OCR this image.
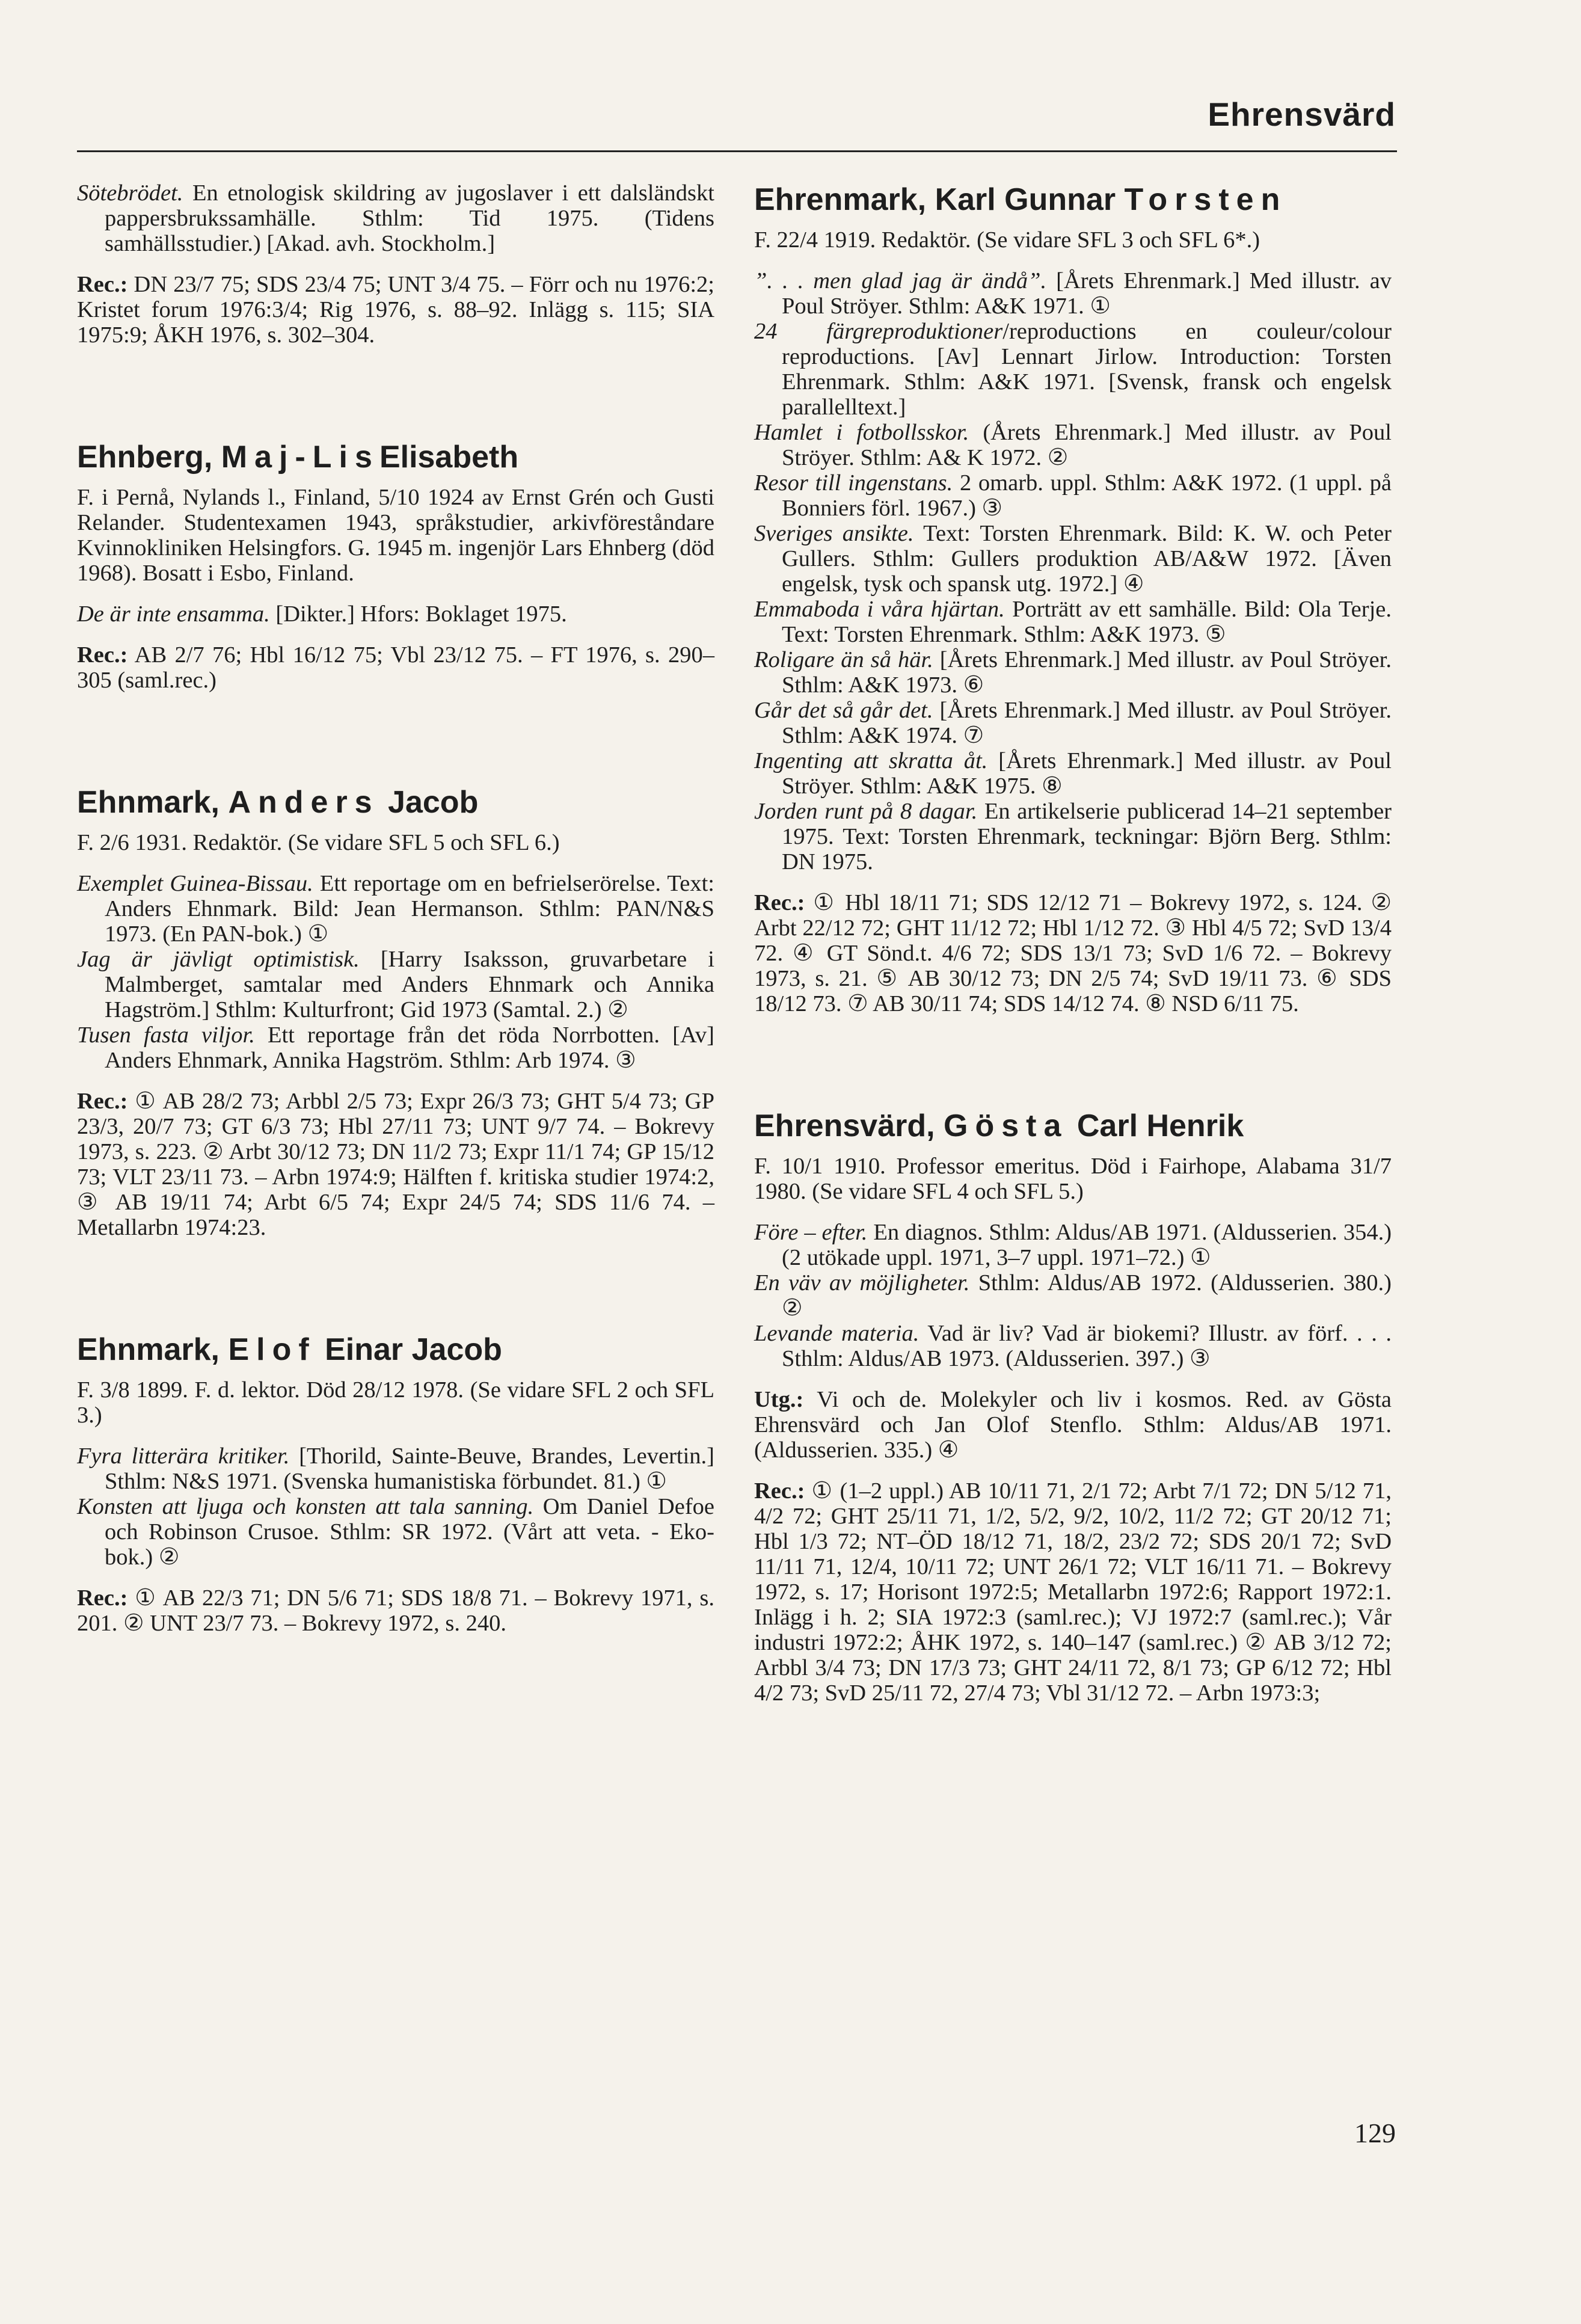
Ehrensvärd

Sötebrödet. En etnologisk skildring av jugoslaver i ett dalsländskt pappersbrukssamhälle. Sthlm: Tid 1975. (Tidens samhällsstudier.) [Akad. avh. Stockholm.]

Rec.: DN 23/7 75; SDS 23/4 75; UNT 3/4 75. – Förr och nu 1976:2; Kristet forum 1976:3/4; Rig 1976, s. 88–92. Inlägg s. 115; SIA 1975:9; ÅKH 1976, s. 302–304.

Ehnberg, Maj-LisElisabeth

F. i Pernå, Nylands l., Finland, 5/10 1924 av Ernst Grén och Gusti Relander. Studentexamen 1943, språkstudier, arkivföreståndare Kvinnokliniken Helsingfors. G. 1945 m. ingenjör Lars Ehnberg (död 1968). Bosatt i Esbo, Finland.

De är inte ensamma. [Dikter.] Hfors: Boklaget 1975.

Rec.: AB 2/7 76; Hbl 16/12 75; Vbl 23/12 75. – FT 1976, s. 290–305 (saml.rec.)

Ehnmark, Anders Jacob

F. 2/6 1931. Redaktör. (Se vidare SFL 5 och SFL 6.)

Exemplet Guinea-Bissau. Ett reportage om en befrielserörelse. Text: Anders Ehnmark. Bild: Jean Hermanson. Sthlm: PAN/N&S 1973. (En PAN-bok.) ①

Jag är jävligt optimistisk. [Harry Isaksson, gruvarbetare i Malmberget, samtalar med Anders Ehnmark och Annika Hagström.] Sthlm: Kulturfront; Gid 1973 (Samtal. 2.) ②

Tusen fasta viljor. Ett reportage från det röda Norrbotten. [Av] Anders Ehnmark, Annika Hagström. Sthlm: Arb 1974. ③

Rec.: ① AB 28/2 73; Arbbl 2/5 73; Expr 26/3 73; GHT 5/4 73; GP 23/3, 20/7 73; GT 6/3 73; Hbl 27/11 73; UNT 9/7 74. – Bokrevy 1973, s. 223. ② Arbt 30/12 73; DN 11/2 73; Expr 11/1 74; GP 15/12 73; VLT 23/11 73. – Arbn 1974:9; Hälften f. kritiska studier 1974:2, ③ AB 19/11 74; Arbt 6/5 74; Expr 24/5 74; SDS 11/6 74. – Metallarbn 1974:23.

Ehnmark, Elof Einar Jacob

F. 3/8 1899. F. d. lektor. Död 28/12 1978. (Se vidare SFL 2 och SFL 3.)

Fyra litterära kritiker. [Thorild, Sainte-Beuve, Brandes, Levertin.] Sthlm: N&S 1971. (Svenska humanistiska förbundet. 81.) ①

Konsten att ljuga och konsten att tala sanning. Om Daniel Defoe och Robinson Crusoe. Sthlm: SR 1972. (Vårt att veta. - Eko-bok.) ②

Rec.: ① AB 22/3 71; DN 5/6 71; SDS 18/8 71. – Bokrevy 1971, s. 201. ② UNT 23/7 73. – Bokrevy 1972, s. 240.

Ehrenmark, Karl Gunnar Torsten

F. 22/4 1919. Redaktör. (Se vidare SFL 3 och SFL 6*.)

”. . . men glad jag är ändå”. [Årets Ehrenmark.] Med illustr. av Poul Ströyer. Sthlm: A&K 1971. ①

24 färgreproduktioner/reproductions en couleur/colour reproductions. [Av] Lennart Jirlow. Introduction: Torsten Ehrenmark. Sthlm: A&K 1971. [Svensk, fransk och engelsk parallelltext.]

Hamlet i fotbollsskor. (Årets Ehrenmark.] Med illustr. av Poul Ströyer. Sthlm: A& K 1972. ②

Resor till ingenstans. 2 omarb. uppl. Sthlm: A&K 1972. (1 uppl. på Bonniers förl. 1967.) ③

Sveriges ansikte. Text: Torsten Ehrenmark. Bild: K. W. och Peter Gullers. Sthlm: Gullers produktion AB/A&W 1972. [Även engelsk, tysk och spansk utg. 1972.] ④

Emmaboda i våra hjärtan. Porträtt av ett samhälle. Bild: Ola Terje. Text: Torsten Ehrenmark. Sthlm: A&K 1973. ⑤

Roligare än så här. [Årets Ehrenmark.] Med illustr. av Poul Ströyer. Sthlm: A&K 1973. ⑥

Går det så går det. [Årets Ehrenmark.] Med illustr. av Poul Ströyer. Sthlm: A&K 1974. ⑦

Ingenting att skratta åt. [Årets Ehrenmark.] Med illustr. av Poul Ströyer. Sthlm: A&K 1975. ⑧

Jorden runt på 8 dagar. En artikelserie publicerad 14–21 september 1975. Text: Torsten Ehrenmark, teckningar: Björn Berg. Sthlm: DN 1975.

Rec.: ① Hbl 18/11 71; SDS 12/12 71 – Bokrevy 1972, s. 124. ② Arbt 22/12 72; GHT 11/12 72; Hbl 1/12 72. ③ Hbl 4/5 72; SvD 13/4 72. ④ GT Sönd.t. 4/6 72; SDS 13/1 73; SvD 1/6 72. – Bokrevy 1973, s. 21. ⑤ AB 30/12 73; DN 2/5 74; SvD 19/11 73. ⑥ SDS 18/12 73. ⑦ AB 30/11 74; SDS 14/12 74. ⑧ NSD 6/11 75.

Ehrensvärd, Gösta Carl Henrik

F. 10/1 1910. Professor emeritus. Död i Fairhope, Alabama 31/7 1980. (Se vidare SFL 4 och SFL 5.)

Före – efter. En diagnos. Sthlm: Aldus/AB 1971. (Aldusserien. 354.) (2 utökade uppl. 1971, 3–7 uppl. 1971–72.) ①

En väv av möjligheter. Sthlm: Aldus/AB 1972. (Aldusserien. 380.) ②

Levande materia. Vad är liv? Vad är biokemi? Illustr. av förf. . . . Sthlm: Aldus/AB 1973. (Aldusserien. 397.) ③

Utg.: Vi och de. Molekyler och liv i kosmos. Red. av Gösta Ehrensvärd och Jan Olof Stenflo. Sthlm: Aldus/AB 1971. (Aldusserien. 335.) ④

Rec.: ① (1–2 uppl.) AB 10/11 71, 2/1 72; Arbt 7/1 72; DN 5/12 71, 4/2 72; GHT 25/11 71, 1/2, 5/2, 9/2, 10/2, 11/2 72; GT 20/12 71; Hbl 1/3 72; NT–ÖD 18/12 71, 18/2, 23/2 72; SDS 20/1 72; SvD 11/11 71, 12/4, 10/11 72; UNT 26/1 72; VLT 16/11 71. – Bokrevy 1972, s. 17; Horisont 1972:5; Metallarbn 1972:6; Rapport 1972:1. Inlägg i h. 2; SIA 1972:3 (saml.rec.); VJ 1972:7 (saml.rec.); Vår industri 1972:2; ÅHK 1972, s. 140–147 (saml.rec.) ② AB 3/12 72; Arbbl 3/4 73; DN 17/3 73; GHT 24/11 72, 8/1 73; GP 6/12 72; Hbl 4/2 73; SvD 25/11 72, 27/4 73; Vbl 31/12 72. – Arbn 1973:3;

129
